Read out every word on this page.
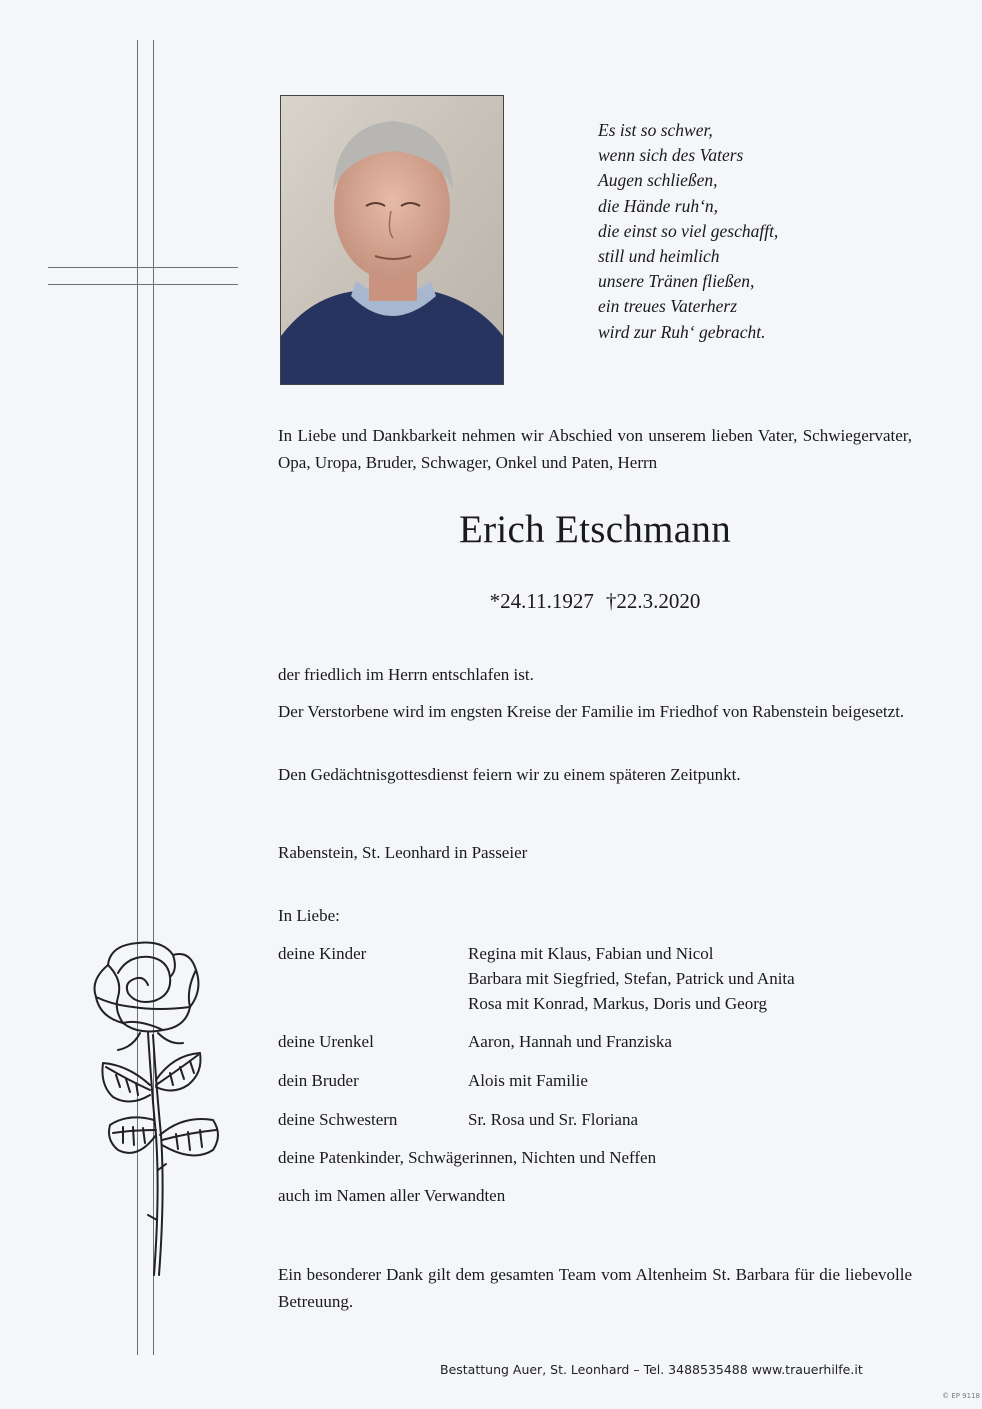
Es ist so schwer,
wenn sich des Vaters
Augen schließen,
die Hände ruh‘n,
die einst so viel geschafft,
still und heimlich
unsere Tränen fließen,
ein treues Vaterherz
wird zur Ruh‘ gebracht.
In Liebe und Dankbarkeit nehmen wir Abschied von unserem lieben Vater, Schwiegervater, Opa, Uropa, Bruder, Schwager, Onkel und Paten, Herrn
Erich Etschmann
*24.11.1927 †22.3.2020
der friedlich im Herrn entschlafen ist.
Der Verstorbene wird im engsten Kreise der Familie im Friedhof von Rabenstein beigesetzt.
Den Gedächtnisgottesdienst feiern wir zu einem späteren Zeitpunkt.
Rabenstein, St. Leonhard in Passeier
In Liebe:
deine Kinder	Regina mit Klaus, Fabian und Nicol
Barbara mit Siegfried, Stefan, Patrick und Anita
Rosa mit Konrad, Markus, Doris und Georg
deine Urenkel	Aaron, Hannah und Franziska
dein Bruder	Alois mit Familie
deine Schwestern	Sr. Rosa und Sr. Floriana
deine Patenkinder, Schwägerinnen, Nichten und Neffen
auch im Namen aller Verwandten
Ein besonderer Dank gilt dem gesamten Team vom Altenheim St. Barbara für die liebevolle Betreuung.
Bestattung Auer, St. Leonhard – Tel. 3488535488 www.trauerhilfe.it
© EP 9118
